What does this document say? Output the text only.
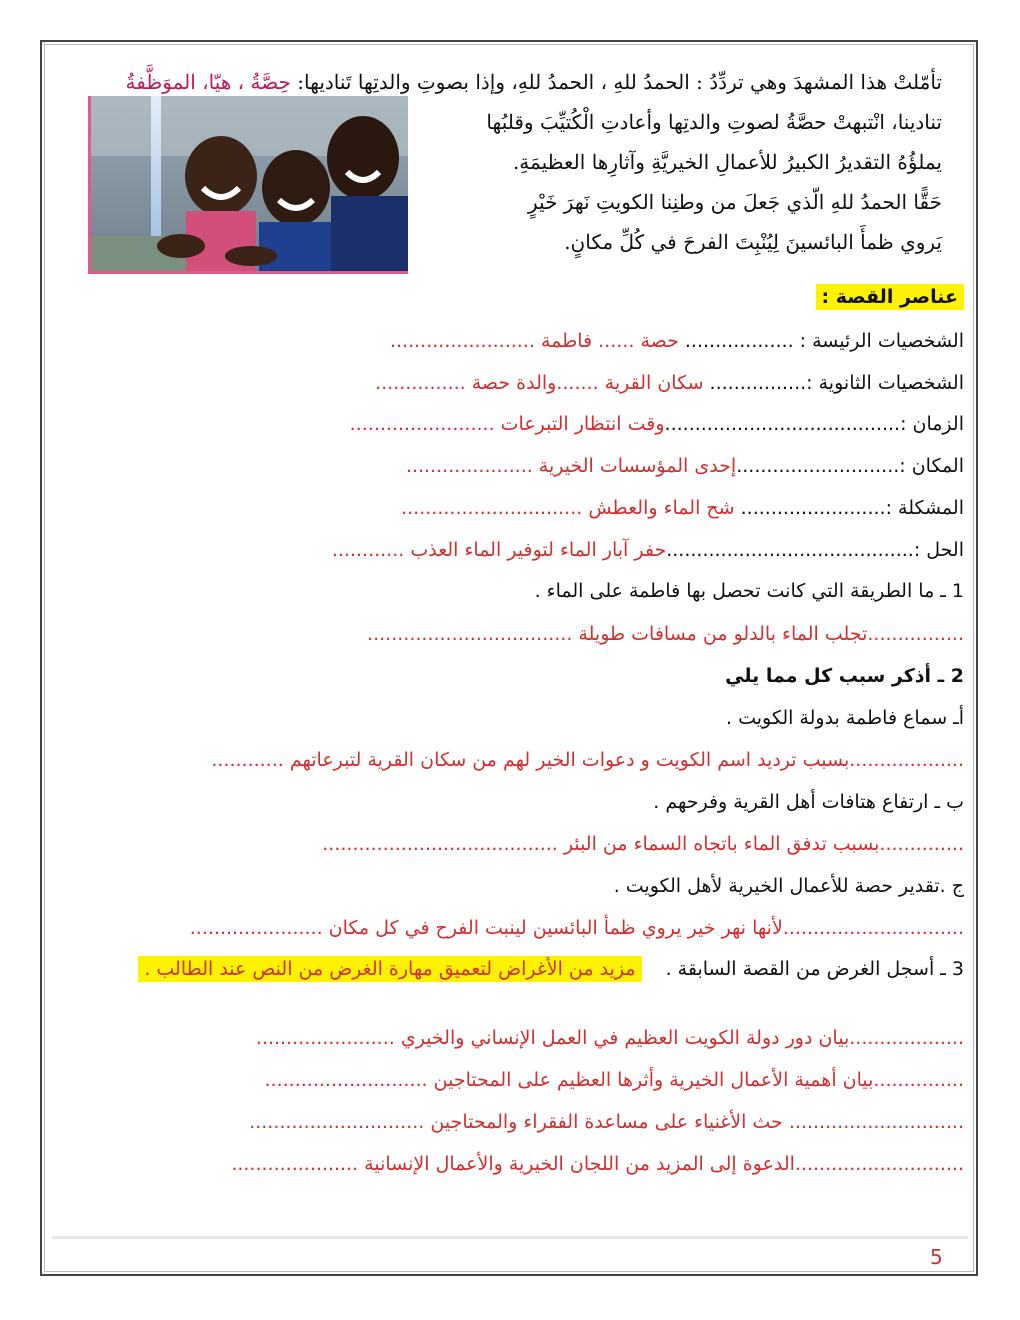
تأمّلتْ هذا المشهدَ وهي تردِّدُ : الحمدُ للهِ ، الحمدُ للهِ، وإذا بصوتِ والدتِها تَناديها: حِصَّةُ ، هيّا، الموَظَّفةُ
تنادينا، انْتبهتْ حصَّةُ لصوتِ والدتِها وأعادتِ الْكُتيِّبَ وقلبُها
يملؤُهُ التقديرُ الكبيرُ للأعمالِ الخيريَّةِ وآثارِها العظيمَةِ.
حَقًّا الحمدُ للهِ الّذي جَعلَ من وطنِنا الكويتِ نَهرَ خَيْرٍ
يَروي ظمأَ البائسينَ لِيُنْبِتَ الفرحَ في كُلِّ مكانٍ.
عناصر القصة :
الشخصيات الرئيسة : .................. حصة ...... فاطمة ........................
الشخصيات الثانوية :................ سكان القرية .......والدة حصة ...............
الزمان :.......................................وقت انتظار التبرعات ........................
المكان :...........................إحدى المؤسسات الخيرية .....................
المشكلة :........................ شح الماء والعطش ..............................
الحل :.........................................حفر آبار الماء لتوفير الماء العذب ............
1 ـ ما الطريقة التي كانت تحصل بها فاطمة على الماء .
................تجلب الماء بالدلو من مسافات طويلة ..................................
2 ـ أذكر سبب كل مما يلي
أـ سماع فاطمة بدولة الكويت .
...................بسبب ترديد اسم الكويت و دعوات الخير لهم من سكان القرية لتبرعاتهم ............
ب ـ ارتفاع هتافات أهل القرية وفرحهم .
..............بسبب تدفق الماء باتجاه السماء من البئر .......................................
ج .تقدير حصة للأعمال الخيرية لأهل الكويت .
..............................لأنها نهر خير يروي ظمأ البائسين لينبت الفرح في كل مكان ......................
3 ـ أسجل الغرض من القصة السابقة . مزيد من الأغراض لتعميق مهارة الغرض من النص عند الطالب .
...................بيان دور دولة الكويت العظيم في العمل الإنساني والخيري .......................
...............بيان أهمية الأعمال الخيرية وأثرها العظيم على المحتاجين ...........................
............................. حث الأغنياء على مساعدة الفقراء والمحتاجين .............................
............................الدعوة إلى المزيد من اللجان الخيرية والأعمال الإنسانية .....................
5
